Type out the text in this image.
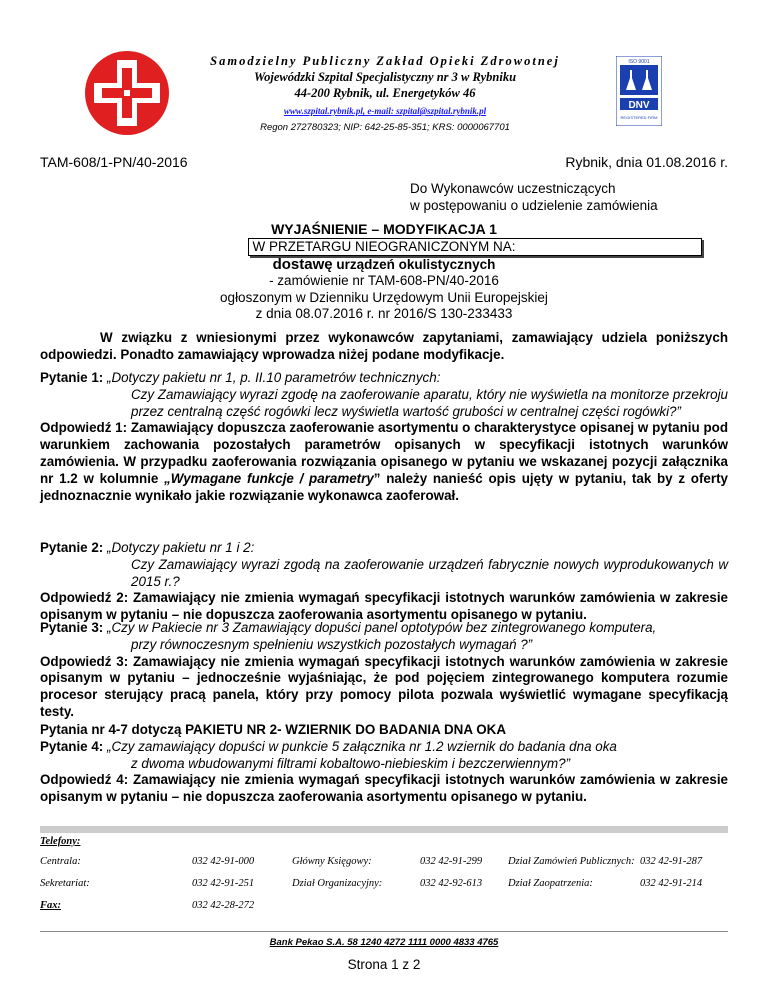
Samodzielny Publiczny Zakład Opieki Zdrowotnej
Wojewódzki Szpital Specjalistyczny nr 3 w Rybniku
44-200 Rybnik, ul. Energetyków 46
www.szpital.rybnik.pl, e-mail: szpital@szpital.rybnik.pl
Regon 272780323; NIP: 642-25-85-351; KRS: 0000067701
ISO 9001
DNV
REGISTERED FIRM
TAM-608/1-PN/40-2016	Rybnik, dnia 01.08.2016 r.
Do Wykonawców uczestniczących
w postępowaniu o udzielenie zamówienia
WYJAŚNIENIE – MODYFIKACJA 1
W PRZETARGU NIEOGRANICZONYM NA:
dostawę urządzeń okulistycznych
- zamówienie nr TAM-608-PN/40-2016
ogłoszonym w Dzienniku Urzędowym Unii Europejskiej
z dnia 08.07.2016 r. nr 2016/S 130-233433
W związku z wniesionymi przez wykonawców zapytaniami, zamawiający udziela poniższych odpowiedzi. Ponadto zamawiający wprowadza niżej podane modyfikacje.
Pytanie 1: „Dotyczy pakietu nr 1, p. II.10 parametrów technicznych:
Czy Zamawiający wyrazi zgodę na zaoferowanie aparatu, który nie wyświetla na monitorze przekroju przez centralną część rogówki lecz wyświetla wartość grubości w centralnej części rogówki?”
Odpowiedź 1: Zamawiający dopuszcza zaoferowanie asortymentu o charakterystyce opisanej w pytaniu pod warunkiem zachowania pozostałych parametrów opisanych w specyfikacji istotnych warunków zamówienia. W przypadku zaoferowania rozwiązania opisanego w pytaniu we wskazanej pozycji załącznika nr 1.2 w kolumnie „Wymagane funkcje / parametry” należy nanieść opis ujęty w pytaniu, tak by z oferty jednoznacznie wynikało jakie rozwiązanie wykonawca zaoferował.
Pytanie 2: „Dotyczy pakietu nr 1 i 2:
Czy Zamawiający wyrazi zgodą na zaoferowanie urządzeń fabrycznie nowych wyprodukowanych w 2015 r.?
Odpowiedź 2: Zamawiający nie zmienia wymagań specyfikacji istotnych warunków zamówienia w zakresie opisanym w pytaniu – nie dopuszcza zaoferowania asortymentu opisanego w pytaniu.
Pytanie 3: „Czy w Pakiecie nr 3 Zamawiający dopuści panel optotypów bez zintegrowanego komputera,
przy równoczesnym spełnieniu wszystkich pozostałych wymagań ?”
Odpowiedź 3: Zamawiający nie zmienia wymagań specyfikacji istotnych warunków zamówienia w zakresie opisanym w pytaniu – jednocześnie wyjaśniając, że pod pojęciem zintegrowanego komputera rozumie procesor sterujący pracą panela, który przy pomocy pilota pozwala wyświetlić wymagane specyfikacją testy.
Pytania nr 4-7 dotyczą PAKIETU NR 2- WZIERNIK DO BADANIA DNA OKA
Pytanie 4: „Czy zamawiający dopuści w punkcie 5 załącznika nr 1.2 wziernik do badania dna oka
z dwoma wbudowanymi filtrami kobaltowo-niebieskim i bezczerwiennym?”
Odpowiedź 4: Zamawiający nie zmienia wymagań specyfikacji istotnych warunków zamówienia w zakresie opisanym w pytaniu – nie dopuszcza zaoferowania asortymentu opisanego w pytaniu.
Telefony:
Centrala:	032 42-91-000	Główny Księgowy:	032 42-91-299 Dział Zamówień Publicznych: 032 42-91-287
Sekretariat:	032 42-91-251	Dział Organizacyjny:	032 42-92-613 Dział Zaopatrzenia:	032 42-91-214
Fax:	032 42-28-272
Bank Pekao S.A. 58 1240 4272 1111 0000 4833 4765
Strona 1 z 2
